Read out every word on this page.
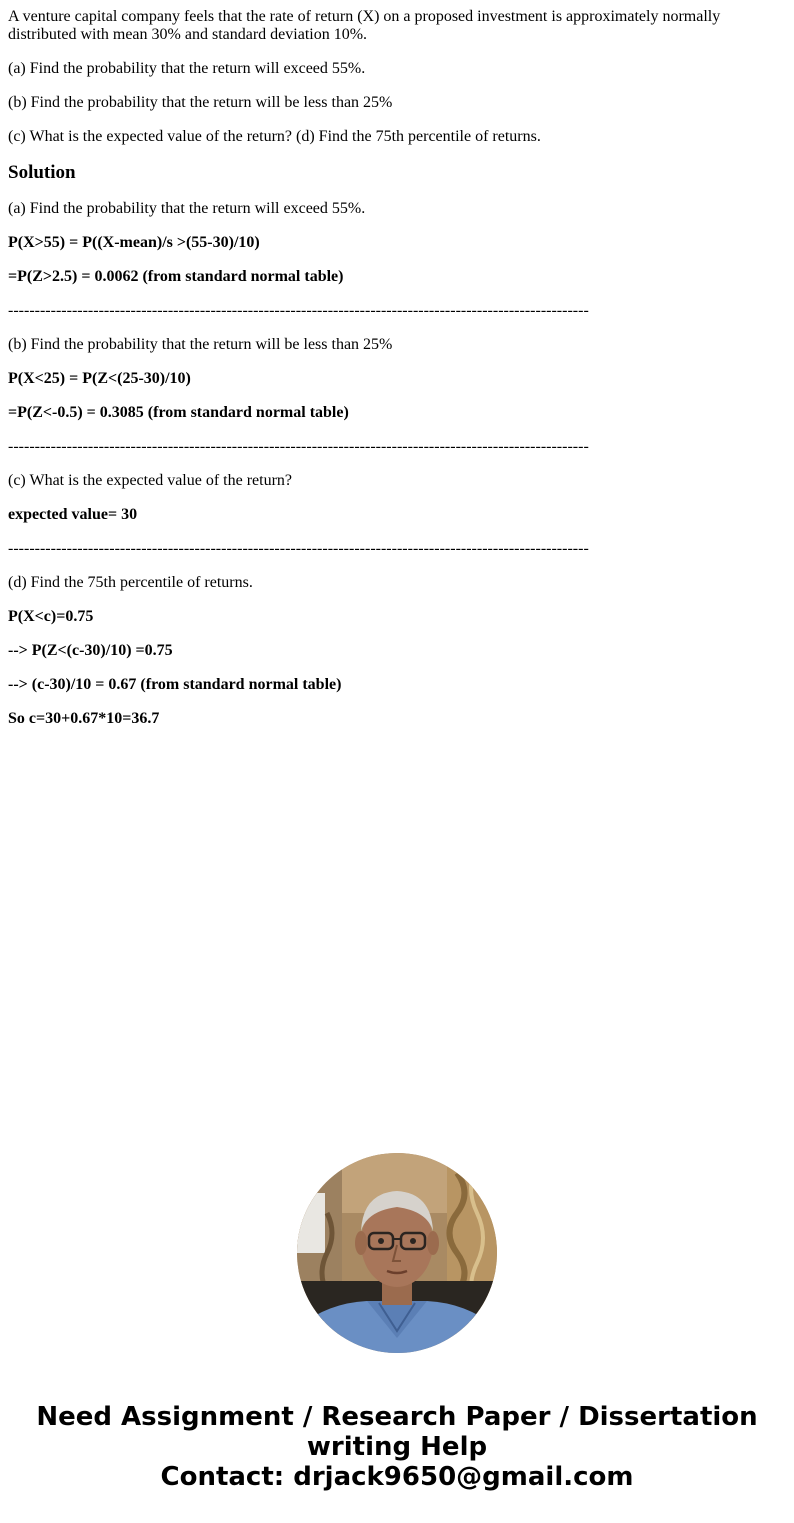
A venture capital company feels that the rate of return (X) on a proposed investment is approximately normally distributed with mean 30% and standard deviation 10%.

(a) Find the probability that the return will exceed 55%.

(b) Find the probability that the return will be less than 25%

(c) What is the expected value of the return? (d) Find the 75th percentile of returns.

Solution

(a) Find the probability that the return will exceed 55%.

P(X>55) = P((X-mean)/s >(55-30)/10)

=P(Z>2.5) = 0.0062 (from standard normal table)

-------------------------------------------------------------------------------------------------------------

(b) Find the probability that the return will be less than 25%

P(X<25) = P(Z<(25-30)/10)

=P(Z<-0.5) = 0.3085 (from standard normal table)

-------------------------------------------------------------------------------------------------------------

(c) What is the expected value of the return?

expected value= 30

-------------------------------------------------------------------------------------------------------------

(d) Find the 75th percentile of returns.

P(X<c)=0.75

--> P(Z<(c-30)/10) =0.75

--> (c-30)/10 = 0.67 (from standard normal table)

So c=30+0.67*10=36.7

Need Assignment / Research Paper / Dissertation
writing Help
Contact: drjack9650@gmail.com
